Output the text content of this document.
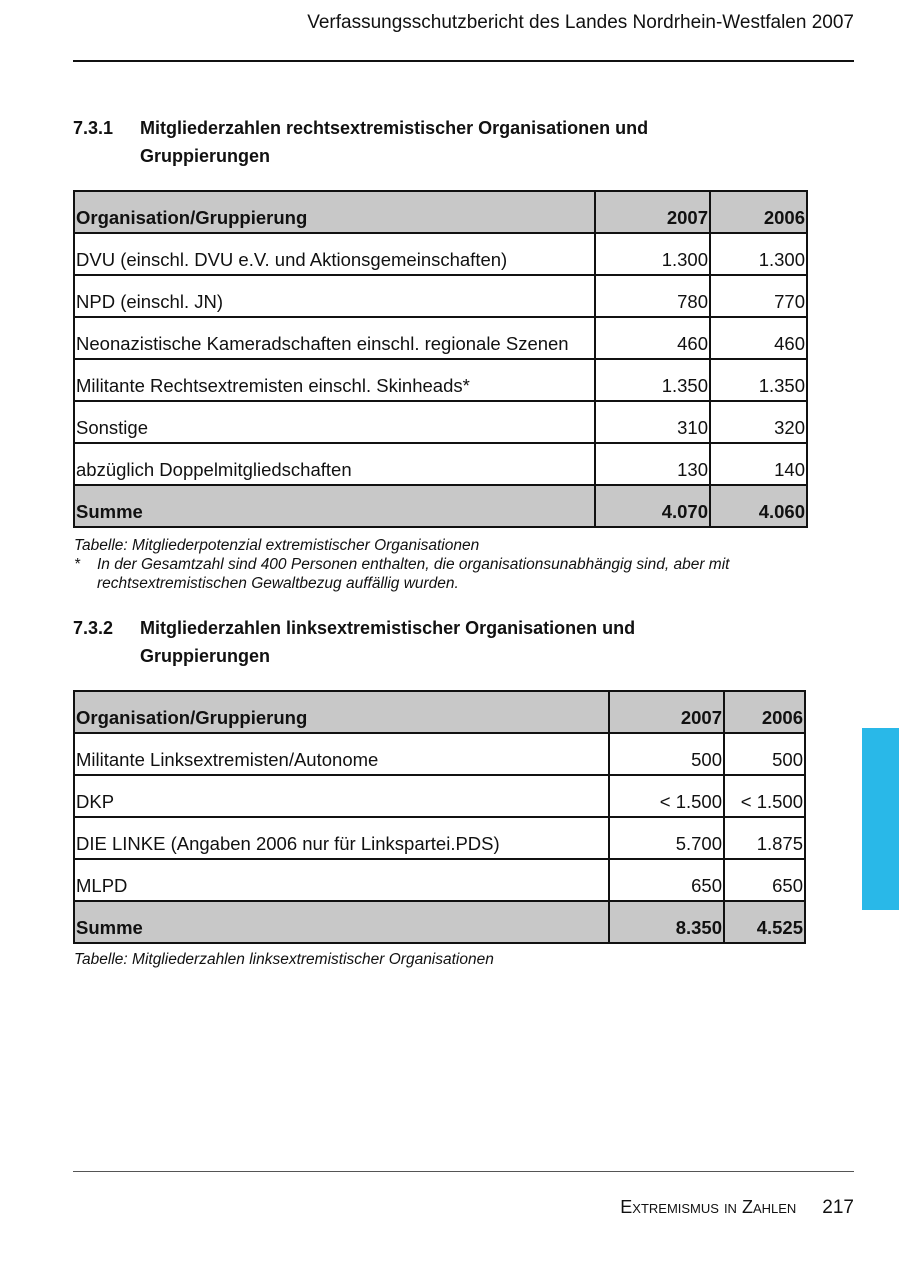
Verfassungsschutzbericht des Landes Nordrhein-Westfalen 2007
7.3.1 Mitgliederzahlen rechtsextremistischer Organisationen und Gruppierungen
Organisation/Gruppierung	2007	2006
DVU (einschl. DVU e.V. und Aktionsgemeinschaften)	1.300	1.300
NPD (einschl. JN)	780	770
Neonazistische Kameradschaften einschl. regionale Szenen	460	460
Militante Rechtsextremisten einschl. Skinheads*	1.350	1.350
Sonstige	310	320
abzüglich Doppelmitgliedschaften	130	140
Summe	4.070	4.060
Tabelle: Mitgliederpotenzial extremistischer Organisationen
* In der Gesamtzahl sind 400 Personen enthalten, die organisationsunabhängig sind, aber mit rechtsextremistischen Gewaltbezug auffällig wurden.
7.3.2 Mitgliederzahlen linksextremistischer Organisationen und Gruppierungen
Organisation/Gruppierung	2007	2006
Militante Linksextremisten/Autonome	500	500
DKP	< 1.500	< 1.500
DIE LINKE (Angaben 2006 nur für Linkspartei.PDS)	5.700	1.875
MLPD	650	650
Summe	8.350	4.525
Tabelle: Mitgliederzahlen linksextremistischer Organisationen
Extremismus in Zahlen 217
